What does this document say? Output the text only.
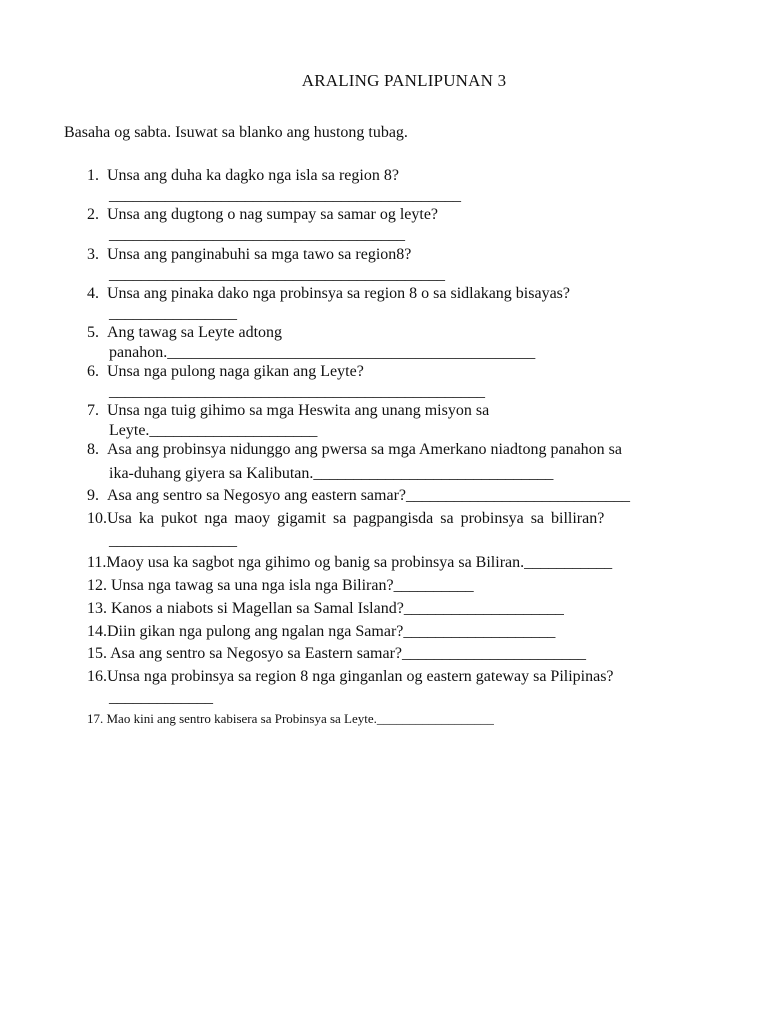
ARALING PANLIPUNAN 3
Basaha og sabta. Isuwat sa blanko ang hustong tubag.
1. Unsa ang duha ka dagko nga isla sa region 8?
____________________________________________
2. Unsa ang dugtong o nag sumpay sa samar og leyte?
_____________________________________
3. Unsa ang panginabuhi sa mga tawo sa region8?
__________________________________________
4. Unsa ang pinaka dako nga probinsya sa region 8 o sa sidlakang bisayas?
________________
5. Ang tawag sa Leyte adtong
panahon.______________________________________________
6. Unsa nga pulong naga gikan ang Leyte?
_______________________________________________
7. Unsa nga tuig gihimo sa mga Heswita ang unang misyon sa
Leyte._____________________
8. Asa ang probinsya nidunggo ang pwersa sa mga Amerkano niadtong panahon sa
ika-duhang giyera sa Kalibutan.______________________________
9. Asa ang sentro sa Negosyo ang eastern samar?____________________________
10.Usa ka pukot nga maoy gigamit sa pagpangisda sa probinsya sa billiran?
________________
11.Maoy usa ka sagbot nga gihimo og banig sa probinsya sa Biliran.___________
12. Unsa nga tawag sa una nga isla nga Biliran?__________
13. Kanos a niabots si Magellan sa Samal Island?____________________
14.Diin gikan nga pulong ang ngalan nga Samar?___________________
15. Asa ang sentro sa Negosyo sa Eastern samar?_______________________
16.Unsa nga probinsya sa region 8 nga ginganlan og eastern gateway sa Pilipinas?
_____________
17. Mao kini ang sentro kabisera sa Probinsya sa Leyte.__________________
